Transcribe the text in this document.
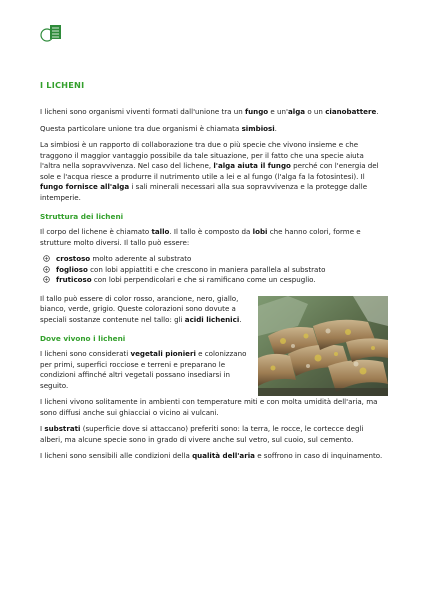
I LICHENI

I licheni sono organismi viventi formati dall'unione tra un fungo e un'alga o un cianobattere.

Questa particolare unione tra due organismi è chiamata simbiosi.

La simbiosi è un rapporto di collaborazione tra due o più specie che vivono insieme e che traggono il maggior vantaggio possibile da tale situazione, per il fatto che una specie aiuta l'altra nella sopravvivenza. Nel caso del lichene, l'alga aiuta il fungo perché con l'energia del sole e l'acqua riesce a produrre il nutrimento utile a lei e al fungo (l'alga fa la fotosintesi). Il fungo fornisce all'alga i sali minerali necessari alla sua sopravvivenza e la protegge dalle intemperie.

Struttura dei licheni

Il corpo del lichene è chiamato tallo. Il tallo è composto da lobi che hanno colori, forme e strutture molto diversi. Il tallo può essere:

crostoso molto aderente al substrato
foglioso con lobi appiattiti e che crescono in maniera parallela al substrato
fruticoso con lobi perpendicolari e che si ramificano come un cespuglio.

Il tallo può essere di color rosso, arancione, nero, giallo, bianco, verde, grigio. Queste colorazioni sono dovute a speciali sostanze contenute nel tallo: gli acidi lichenici.

Dove vivono i licheni

I licheni sono considerati vegetali pionieri e colonizzano per primi, superfici rocciose e terreni e preparano le condizioni affinché altri vegetali possano insediarsi in seguito.

I licheni vivono solitamente in ambienti con temperature miti e con molta umidità dell'aria, ma sono diffusi anche sui ghiacciai o vicino ai vulcani.

I substrati (superficie dove si attaccano) preferiti sono: la terra, le rocce, le cortecce degli alberi, ma alcune specie sono in grado di vivere anche sul vetro, sul cuoio, sul cemento.

I licheni sono sensibili alle condizioni della qualità dell'aria e soffrono in caso di inquinamento.
